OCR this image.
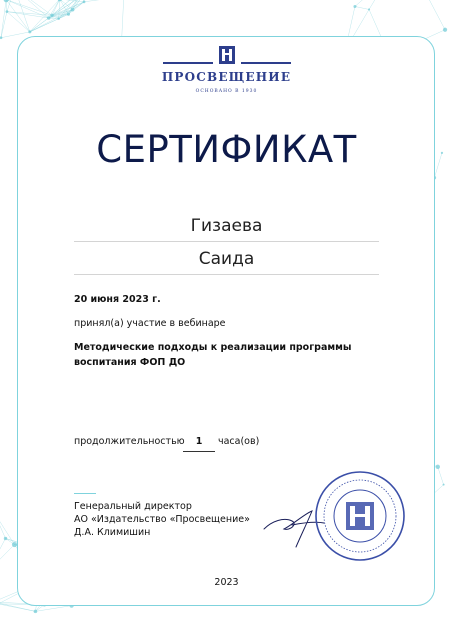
ПРОСВЕЩЕНИЕ
ОСНОВАНО В 1930
СЕРТИФИКАТ
Гизаева
Саида
20 июня 2023 г.
принял(а) участие в вебинаре
Методические подходы к реализации программы воспитания ФОП ДО
продолжительностью	1	часа(ов)
Генеральный директор
АО «Издательство «Просвещение»
Д.А. Климишин
2023
